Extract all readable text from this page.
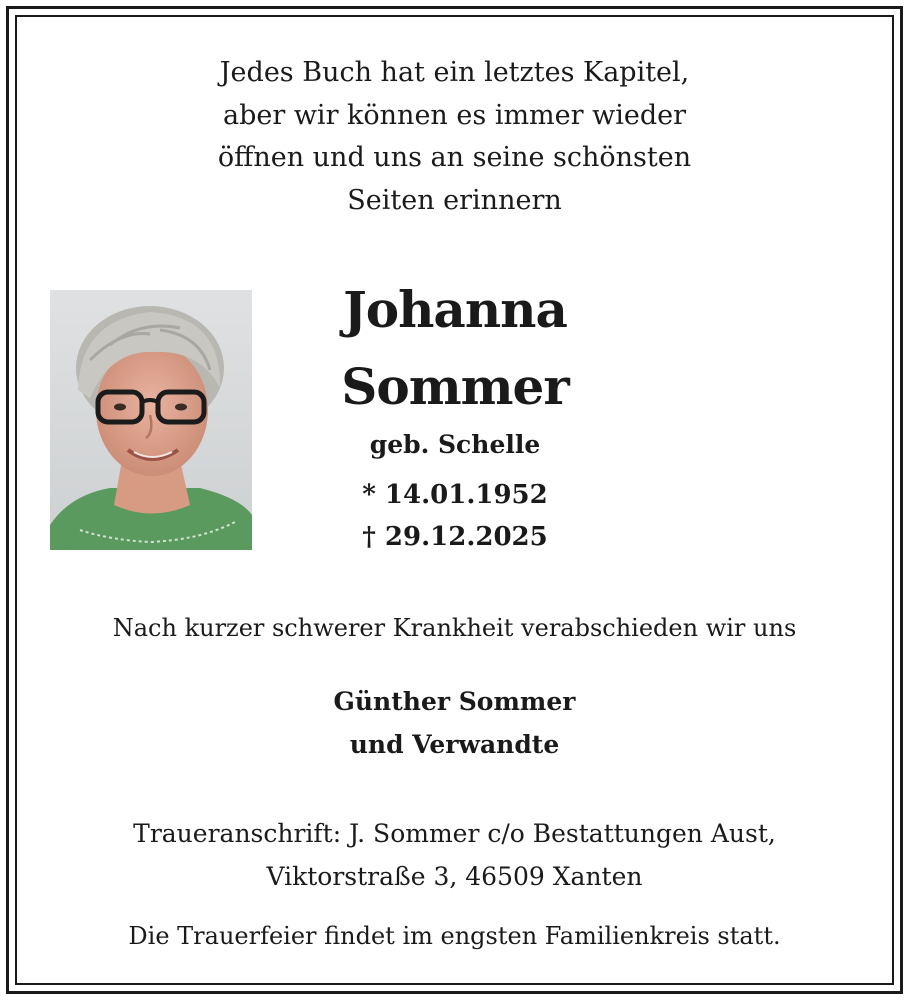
Jedes Buch hat ein letztes Kapitel,
aber wir können es immer wieder
öffnen und uns an seine schönsten
Seiten erinnern
Johanna
Sommer
geb. Schelle
* 14.01.1952
† 29.12.2025
Nach kurzer schwerer Krankheit verabschieden wir uns
Günther Sommer
und Verwandte
Traueranschrift: J. Sommer c/o Bestattungen Aust,
Viktorstraße 3, 46509 Xanten
Die Trauerfeier findet im engsten Familienkreis statt.
